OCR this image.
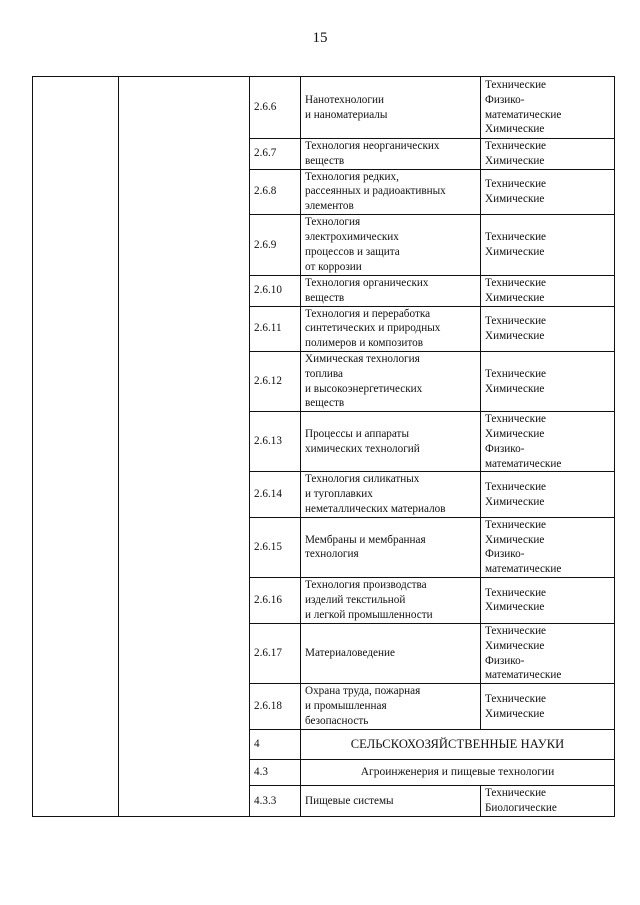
15
		2.6.6	Нанотехнологии
и наноматериалы	Технические
Физико-
математические
Химические

		2.6.7	Технология неорганических
веществ	Технические
Химические

		2.6.8	Технология редких,
рассеянных и радиоактивных
элементов	Технические
Химические

		2.6.9	Технология
электрохимических
процессов и защита
от коррозии	Технические
Химические

		2.6.10	Технология органических
веществ	Технические
Химические

		2.6.11	Технология и переработка
синтетических и природных
полимеров и композитов	Технические
Химические

		2.6.12	Химическая технология
топлива
и высокоэнергетических
веществ	Технические
Химические

		2.6.13	Процессы и аппараты
химических технологий	Технические
Химические
Физико-
математические

		2.6.14	Технология силикатных
и тугоплавких
неметаллических материалов	Технические
Химические

		2.6.15	Мембраны и мембранная
технология	Технические
Химические
Физико-
математические

		2.6.16	Технология производства
изделий текстильной
и легкой промышленности	Технические
Химические

		2.6.17	Материаловедение	Технические
Химические
Физико-
математические

		2.6.18	Охрана труда, пожарная
и промышленная
безопасность	Технические
Химические

		4	СЕЛЬСКОХОЗЯЙСТВЕННЫЕ НАУКИ	
		4.3	Агроинженерия и пищевые технологии	
		4.3.3	Пищевые системы	Технические
Биологические
